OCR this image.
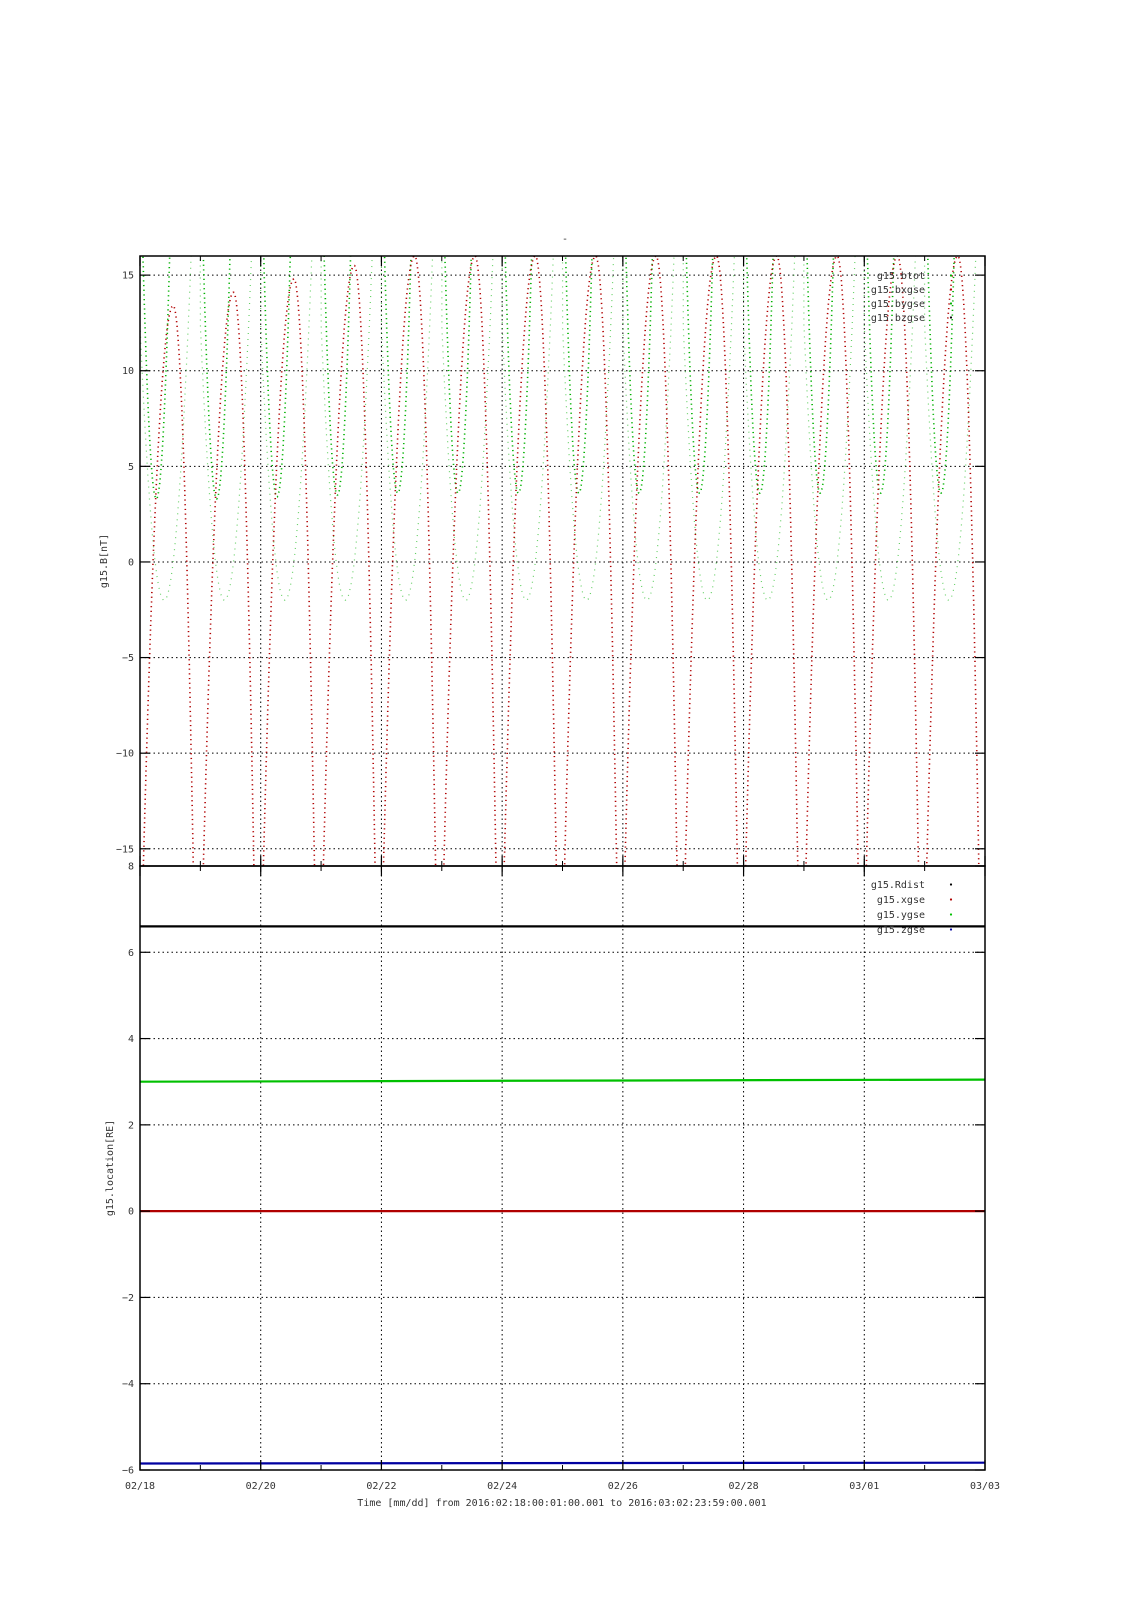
-
15
10
5
0
−5
−10
−15
g15.B[nT]
g15.btot
g15.bxgse
g15.bygse
g15.bzgse
8
6
4
2
0
−2
−4
−6
g15.location[RE]
g15.Rdist
g15.xgse
g15.ygse
g15.zgse
02/18	02/20	02/22	02/24	02/26	02/28	03/01	03/03
Time [mm/dd] from 2016:02:18:00:01:00.001 to 2016:03:02:23:59:00.001
